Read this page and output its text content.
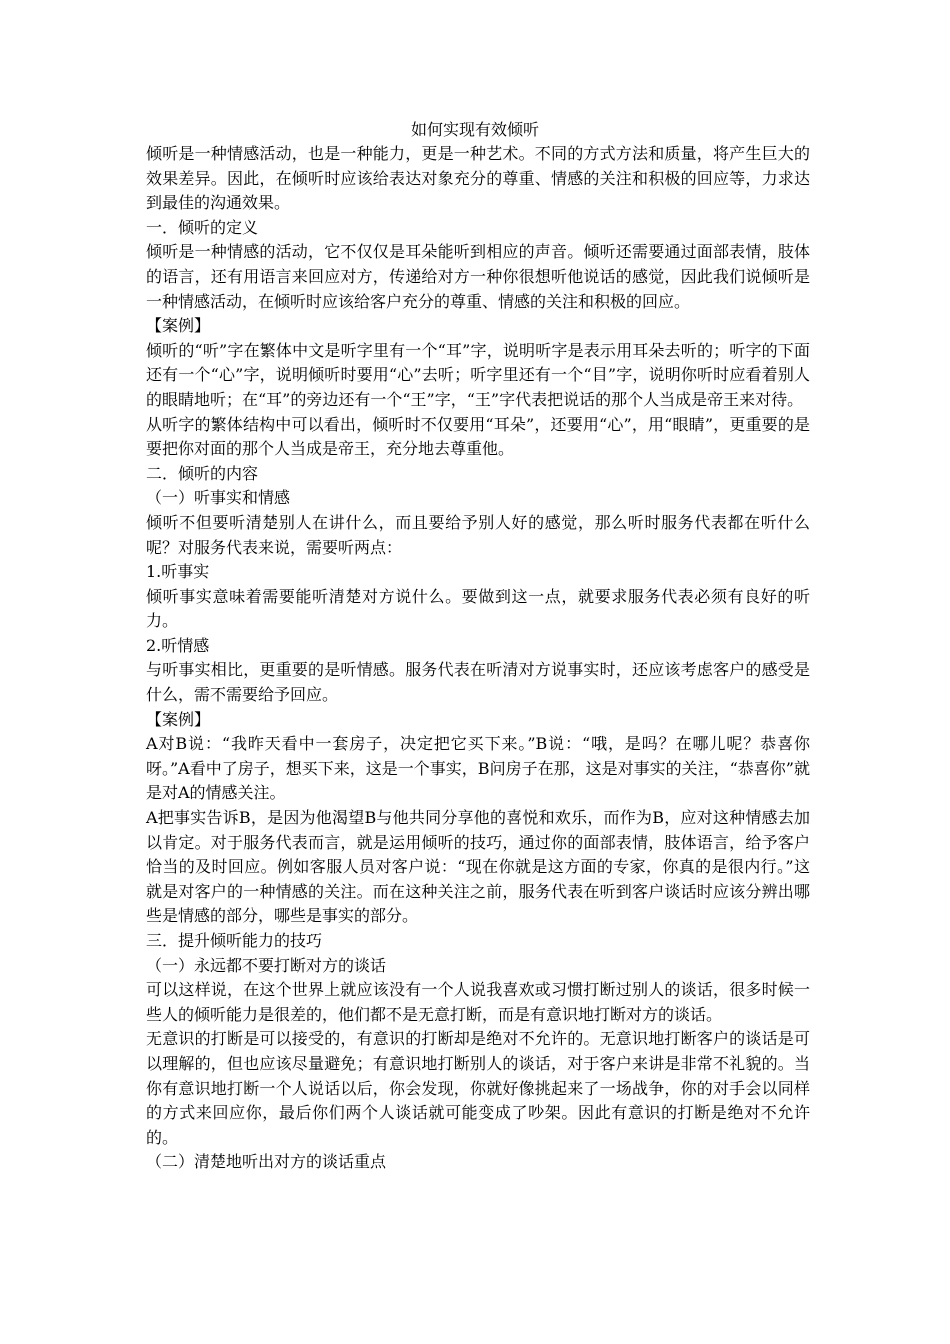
如何实现有效倾听

倾听是一种情感活动，也是一种能力，更是一种艺术。不同的方式方法和质量，将产生巨大的效果差异。因此，在倾听时应该给表达对象充分的尊重、情感的关注和积极的回应等，力求达到最佳的沟通效果。

一．倾听的定义

倾听是一种情感的活动，它不仅仅是耳朵能听到相应的声音。倾听还需要通过面部表情，肢体的语言，还有用语言来回应对方，传递给对方一种你很想听他说话的感觉，因此我们说倾听是一种情感活动，在倾听时应该给客户充分的尊重、情感的关注和积极的回应。

【案例】

倾听的“听”字在繁体中文是听字里有一个“耳”字，说明听字是表示用耳朵去听的；听字的下面还有一个“心”字，说明倾听时要用“心”去听；听字里还有一个“目”字，说明你听时应看着别人的眼睛地听；在“耳”的旁边还有一个“王”字，“王”字代表把说话的那个人当成是帝王来对待。

从听字的繁体结构中可以看出，倾听时不仅要用“耳朵”，还要用“心”，用“眼睛”，更重要的是要把你对面的那个人当成是帝王，充分地去尊重他。

二．倾听的内容

（一）听事实和情感

倾听不但要听清楚别人在讲什么，而且要给予别人好的感觉，那么听时服务代表都在听什么呢？对服务代表来说，需要听两点：

1.听事实

倾听事实意味着需要能听清楚对方说什么。要做到这一点，就要求服务代表必须有良好的听力。

2.听情感

与听事实相比，更重要的是听情感。服务代表在听清对方说事实时，还应该考虑客户的感受是什么，需不需要给予回应。

【案例】

A对B说：“我昨天看中一套房子，决定把它买下来。”B说：“哦，是吗？在哪儿呢？恭喜你呀。”A看中了房子，想买下来，这是一个事实，B问房子在那，这是对事实的关注，“恭喜你”就是对A的情感关注。

A把事实告诉B，是因为他渴望B与他共同分享他的喜悦和欢乐，而作为B，应对这种情感去加以肯定。对于服务代表而言，就是运用倾听的技巧，通过你的面部表情，肢体语言，给予客户恰当的及时回应。例如客服人员对客户说：“现在你就是这方面的专家，你真的是很内行。”这就是对客户的一种情感的关注。而在这种关注之前，服务代表在听到客户谈话时应该分辨出哪些是情感的部分，哪些是事实的部分。

三．提升倾听能力的技巧

（一）永远都不要打断对方的谈话

可以这样说，在这个世界上就应该没有一个人说我喜欢或习惯打断过别人的谈话，很多时候一些人的倾听能力是很差的，他们都不是无意打断，而是有意识地打断对方的谈话。

无意识的打断是可以接受的，有意识的打断却是绝对不允许的。无意识地打断客户的谈话是可以理解的，但也应该尽量避免；有意识地打断别人的谈话，对于客户来讲是非常不礼貌的。当你有意识地打断一个人说话以后，你会发现，你就好像挑起来了一场战争，你的对手会以同样的方式来回应你，最后你们两个人谈话就可能变成了吵架。因此有意识的打断是绝对不允许的。

（二）清楚地听出对方的谈话重点
